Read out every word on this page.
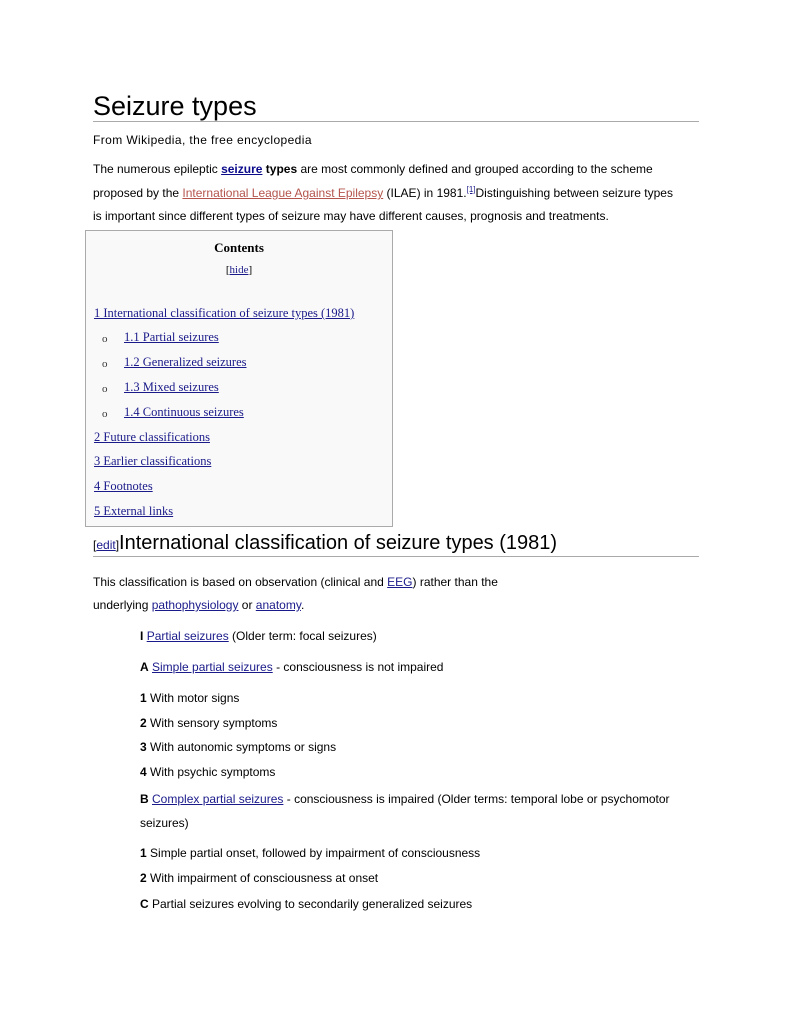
Seizure types
From Wikipedia, the free encyclopedia
The numerous epileptic seizure types are most commonly defined and grouped according to the scheme
proposed by the International League Against Epilepsy (ILAE) in 1981.[1]Distinguishing between seizure types
is important since different types of seizure may have different causes, prognosis and treatments.
Contents
[hide]
1 International classification of seizure types (1981)
o 1.1 Partial seizures
o 1.2 Generalized seizures
o 1.3 Mixed seizures
o 1.4 Continuous seizures
2 Future classifications
3 Earlier classifications
4 Footnotes
5 External links
[edit]International classification of seizure types (1981)
This classification is based on observation (clinical and EEG) rather than the
underlying pathophysiology or anatomy.
I Partial seizures (Older term: focal seizures)
A Simple partial seizures - consciousness is not impaired
1 With motor signs
2 With sensory symptoms
3 With autonomic symptoms or signs
4 With psychic symptoms
B Complex partial seizures - consciousness is impaired (Older terms: temporal lobe or psychomotor
seizures)
1 Simple partial onset, followed by impairment of consciousness
2 With impairment of consciousness at onset
C Partial seizures evolving to secondarily generalized seizures
